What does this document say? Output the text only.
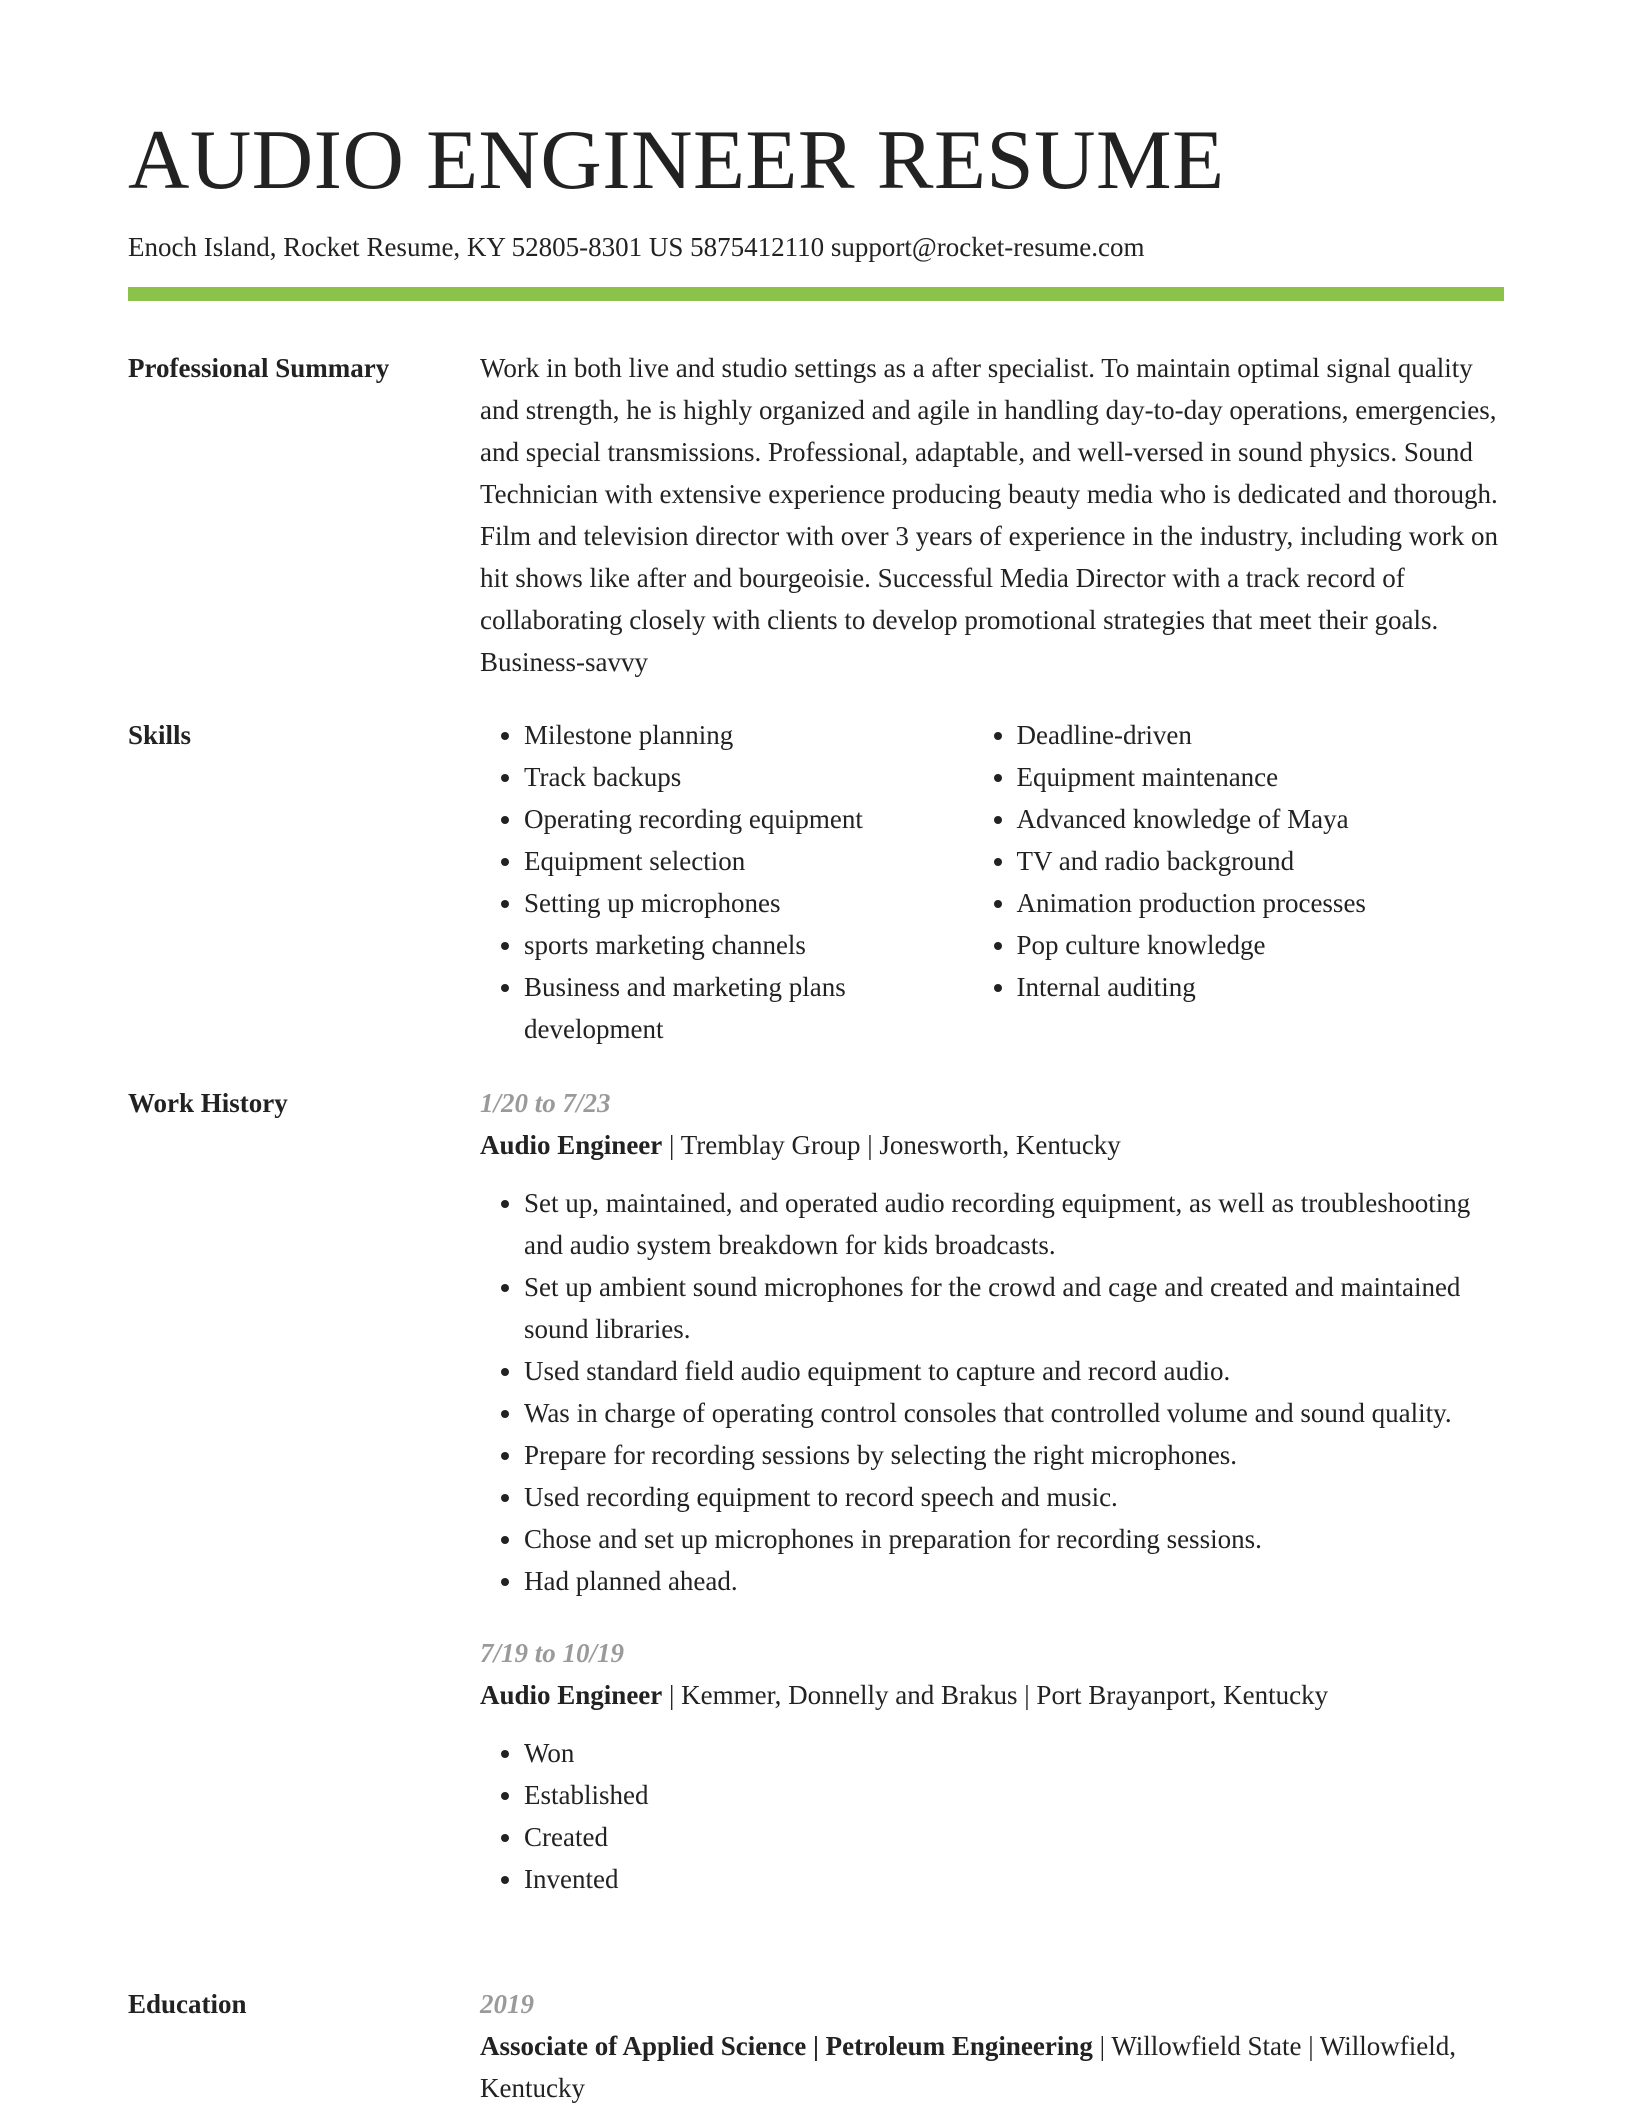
AUDIO ENGINEER RESUME
Enoch Island, Rocket Resume, KY 52805-8301 US 5875412110 support@rocket-resume.com
Professional Summary	Work in both live and studio settings as a after specialist. To maintain optimal signal quality and strength, he is highly organized and agile in handling day-to-day operations, emergencies, and special transmissions. Professional, adaptable, and well-versed in sound physics. Sound Technician with extensive experience producing beauty media who is dedicated and thorough. Film and television director with over 3 years of experience in the industry, including work on hit shows like after and bourgeoisie. Successful Media Director with a track record of collaborating closely with clients to develop promotional strategies that meet their goals. Business-savvy

Skills
•	Milestone planning
• Track backups
• Operating recording equipment
• Equipment selection
• Setting up microphones
• sports marketing channels
• Business and marketing plans development
• Deadline-driven
• Equipment maintenance
• Advanced knowledge of Maya
• TV and radio background
• Animation production processes
• Pop culture knowledge
• Internal auditing
Work History	1/20 to 7/23
Audio Engineer | Tremblay Group | Jonesworth, Kentucky
• Set up, maintained, and operated audio recording equipment, as well as troubleshooting and audio system breakdown for kids broadcasts.
• Set up ambient sound microphones for the crowd and cage and created and maintained sound libraries.
• Used standard field audio equipment to capture and record audio.
• Was in charge of operating control consoles that controlled volume and sound quality.
• Prepare for recording sessions by selecting the right microphones.
• Used recording equipment to record speech and music.
• Chose and set up microphones in preparation for recording sessions.
• Had planned ahead.
7/19 to 10/19
Audio Engineer | Kemmer, Donnelly and Brakus | Port Brayanport, Kentucky
• Won
• Established
• Created
• Invented
Education	2019
Associate of Applied Science | Petroleum Engineering | Willowfield State | Willowfield, Kentucky
